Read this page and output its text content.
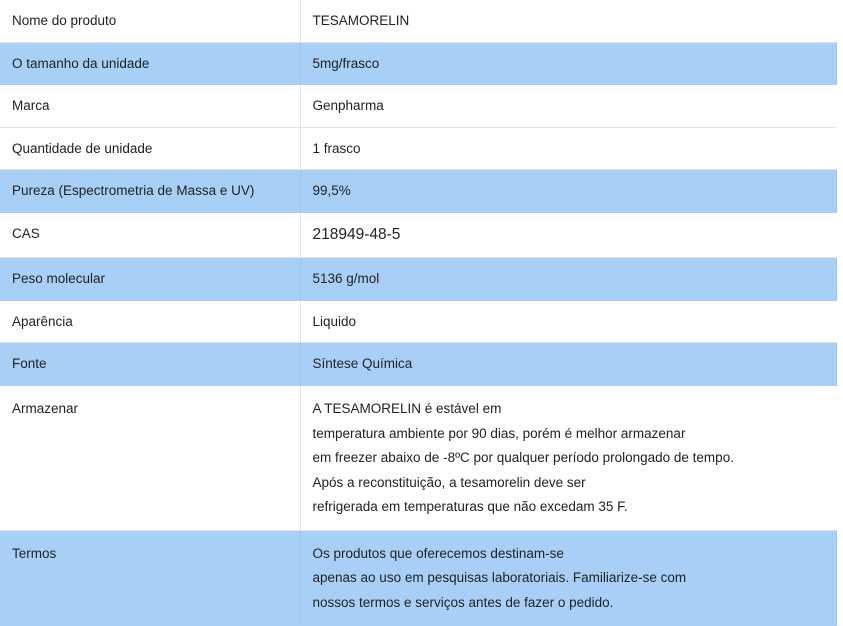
Nome do produto	TESAMORELIN

O tamanho da unidade	5mg/frasco

Marca	Genpharma

Quantidade de unidade	1 frasco

Pureza (Espectrometria de Massa e UV)	99,5%

CAS	218949-48-5

Peso molecular	5136 g/mol

Aparência	Liquido

Fonte	Síntese Química

Armazenar	A TESAMORELIN é estável em
temperatura ambiente por 90 dias, porém é melhor armazenar
em freezer abaixo de -8ºC por qualquer período prolongado de tempo.
Após a reconstituição, a tesamorelin deve ser
refrigerada em temperaturas que não excedam 35 F.

Termos	Os produtos que oferecemos destinam-se
apenas ao uso em pesquisas laboratoriais. Familiarize-se com
nossos termos e serviços antes de fazer o pedido.
